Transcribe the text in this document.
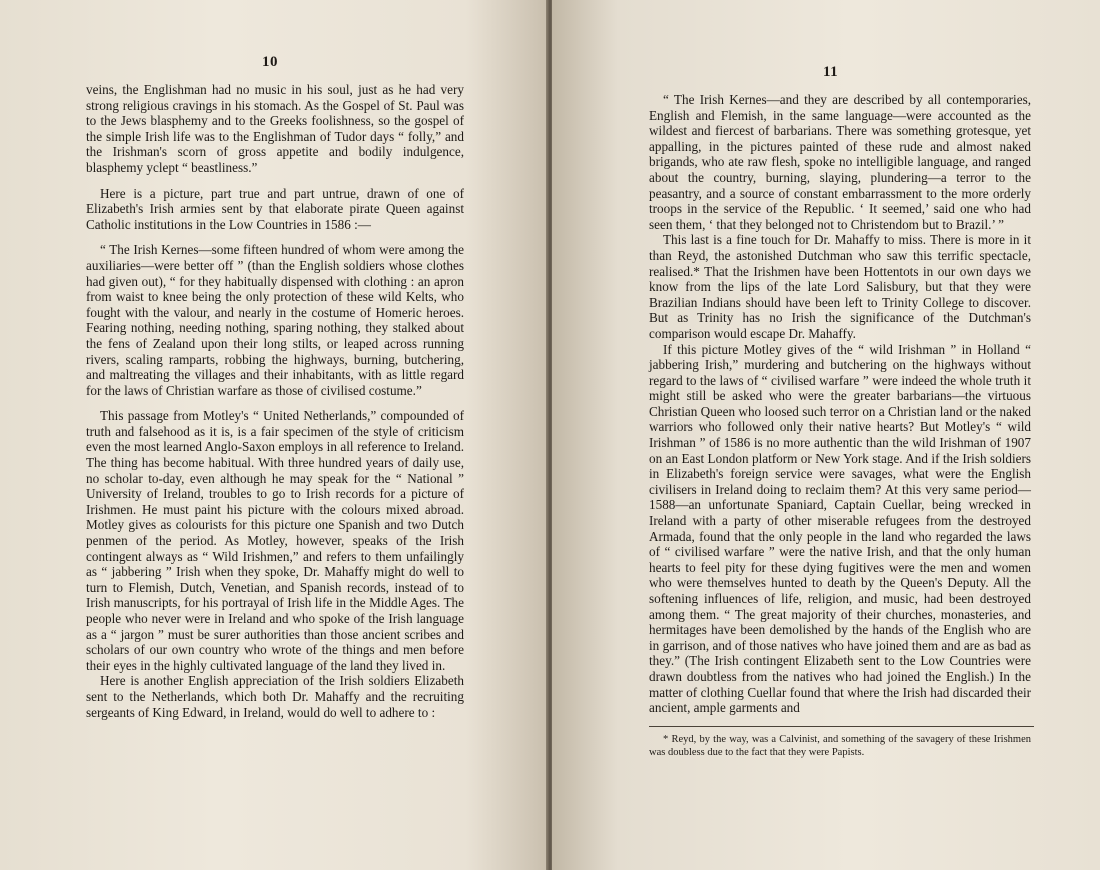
10

veins, the Englishman had no music in his soul, just as he had very strong religious cravings in his stomach. As the Gospel of St. Paul was to the Jews blasphemy and to the Greeks foolishness, so the gospel of the simple Irish life was to the Englishman of Tudor days “ folly,” and the Irishman's scorn of gross appetite and bodily indulgence, blasphemy yclept “ beastliness.”

Here is a picture, part true and part untrue, drawn of one of Elizabeth's Irish armies sent by that elaborate pirate Queen against Catholic institutions in the Low Countries in 1586 :—

“ The Irish Kernes—some fifteen hundred of whom were among the auxiliaries—were better off ” (than the English soldiers whose clothes had given out), “ for they habitually dispensed with clothing : an apron from waist to knee being the only protection of these wild Kelts, who fought with the valour, and nearly in the costume of Homeric heroes. Fearing nothing, needing nothing, sparing nothing, they stalked about the fens of Zealand upon their long stilts, or leaped across running rivers, scaling ramparts, robbing the highways, burning, butchering, and maltreating the villages and their inhabitants, with as little regard for the laws of Christian warfare as those of civilised costume.”

This passage from Motley's “ United Netherlands,” compounded of truth and falsehood as it is, is a fair specimen of the style of criticism even the most learned Anglo-Saxon employs in all reference to Ireland. The thing has become habitual. With three hundred years of daily use, no scholar to-day, even although he may speak for the “ National ” University of Ireland, troubles to go to Irish records for a picture of Irishmen. He must paint his picture with the colours mixed abroad. Motley gives as colourists for this picture one Spanish and two Dutch penmen of the period. As Motley, however, speaks of the Irish contingent always as “ Wild Irishmen,” and refers to them unfailingly as “ jabbering ” Irish when they spoke, Dr. Mahaffy might do well to turn to Flemish, Dutch, Venetian, and Spanish records, instead of to Irish manuscripts, for his portrayal of Irish life in the Middle Ages. The people who never were in Ireland and who spoke of the Irish language as a “ jargon ” must be surer authorities than those ancient scribes and scholars of our own country who wrote of the things and men before their eyes in the highly cultivated language of the land they lived in.

Here is another English appreciation of the Irish soldiers Elizabeth sent to the Netherlands, which both Dr. Mahaffy and the recruiting sergeants of King Edward, in Ireland, would do well to adhere to :

11

“ The Irish Kernes—and they are described by all contemporaries, English and Flemish, in the same language—were accounted as the wildest and fiercest of barbarians. There was something grotesque, yet appalling, in the pictures painted of these rude and almost naked brigands, who ate raw flesh, spoke no intelligible language, and ranged about the country, burning, slaying, plundering—a terror to the peasantry, and a source of constant embarrassment to the more orderly troops in the service of the Republic. ‘ It seemed,’ said one who had seen them, ‘ that they belonged not to Christendom but to Brazil.’ ”

This last is a fine touch for Dr. Mahaffy to miss. There is more in it than Reyd, the astonished Dutchman who saw this terrific spectacle, realised.* That the Irishmen have been Hottentots in our own days we know from the lips of the late Lord Salisbury, but that they were Brazilian Indians should have been left to Trinity College to discover. But as Trinity has no Irish the significance of the Dutchman's comparison would escape Dr. Mahaffy.

If this picture Motley gives of the “ wild Irishman ” in Holland “ jabbering Irish,” murdering and butchering on the highways without regard to the laws of “ civilised warfare ” were indeed the whole truth it might still be asked who were the greater barbarians—the virtuous Christian Queen who loosed such terror on a Christian land or the naked warriors who followed only their native hearts? But Motley's “ wild Irishman ” of 1586 is no more authentic than the wild Irishman of 1907 on an East London platform or New York stage. And if the Irish soldiers in Elizabeth's foreign service were savages, what were the English civilisers in Ireland doing to reclaim them? At this very same period—1588—an unfortunate Spaniard, Captain Cuellar, being wrecked in Ireland with a party of other miserable refugees from the destroyed Armada, found that the only people in the land who regarded the laws of “ civilised warfare ” were the native Irish, and that the only human hearts to feel pity for these dying fugitives were the men and women who were themselves hunted to death by the Queen's Deputy. All the softening influences of life, religion, and music, had been destroyed among them. “ The great majority of their churches, monasteries, and hermitages have been demolished by the hands of the English who are in garrison, and of those natives who have joined them and are as bad as they.” (The Irish contingent Elizabeth sent to the Low Countries were drawn doubtless from the natives who had joined the English.) In the matter of clothing Cuellar found that where the Irish had discarded their ancient, ample garments and

* Reyd, by the way, was a Calvinist, and something of the savagery of these Irishmen was doubless due to the fact that they were Papists.
